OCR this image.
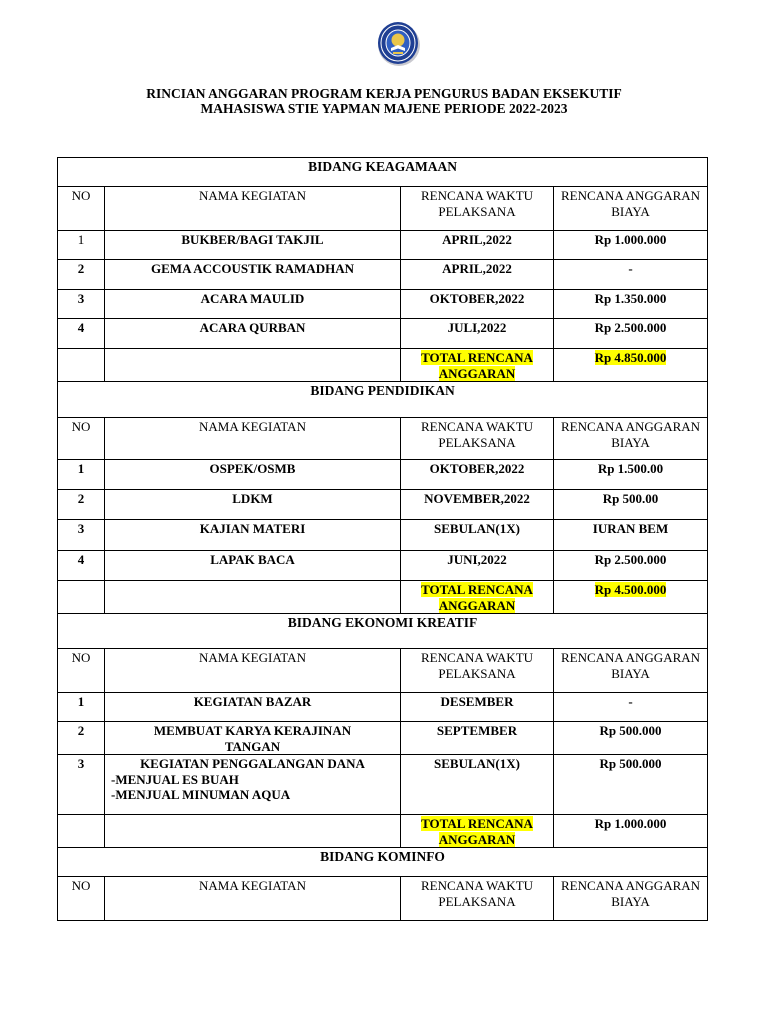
RINCIAN ANGGARAN PROGRAM KERJA PENGURUS BADAN EKSEKUTIF
MAHASISWA STIE YAPMAN MAJENE PERIODE 2022-2023
BIDANG KEAGAMAAN			
NO	NAMA KEGIATAN	RENCANA WAKTU PELAKSANA	RENCANA ANGGARAN BIAYA
1	BUKBER/BAGI TAKJIL	APRIL,2022	Rp 1.000.000
2	GEMA ACCOUSTIK RAMADHAN	APRIL,2022	-
3	ACARA MAULID	OKTOBER,2022	Rp 1.350.000
4	ACARA QURBAN	JULI,2022	Rp 2.500.000
		TOTAL RENCANA ANGGARAN	Rp 4.850.000
BIDANG PENDIDIKAN			
NO	NAMA KEGIATAN	RENCANA WAKTU PELAKSANA	RENCANA ANGGARAN BIAYA
1	OSPEK/OSMB	OKTOBER,2022	Rp 1.500.00
2	LDKM	NOVEMBER,2022	Rp 500.00
3	KAJIAN MATERI	SEBULAN(1X)	IURAN BEM
4	LAPAK BACA	JUNI,2022	Rp 2.500.000
		TOTAL RENCANA ANGGARAN	Rp 4.500.000
BIDANG EKONOMI KREATIF			
NO	NAMA KEGIATAN	RENCANA WAKTU PELAKSANA	RENCANA ANGGARAN BIAYA
1	KEGIATAN BAZAR	DESEMBER	-
2	MEMBUAT KARYA KERAJINAN TANGAN	SEPTEMBER	Rp 500.000
3	KEGIATAN PENGGALANGAN DANA
-MENJUAL ES BUAH
-MENJUAL MINUMAN AQUA	SEBULAN(1X)	Rp 500.000
		TOTAL RENCANA ANGGARAN	Rp 1.000.000
BIDANG KOMINFO			
NO	NAMA KEGIATAN	RENCANA WAKTU PELAKSANA	RENCANA ANGGARAN BIAYA
